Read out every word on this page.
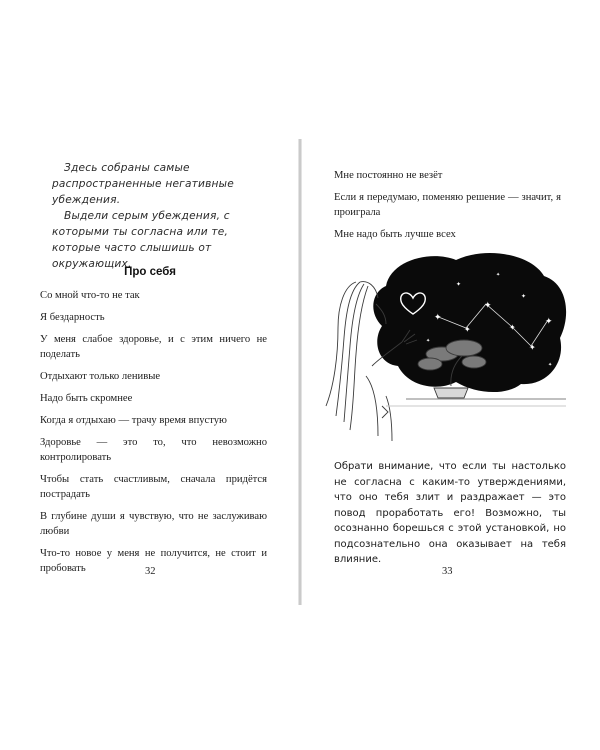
Здесь собраны самые распространенные негативные убеждения.

Выдели серым убеждения, с которыми ты согласна или те, которые часто слышишь от окружающих.

Про себя
Со мной что-то не так
Я бездарность
У меня слабое здоровье, и с этим ничего не поделать
Отдыхают только ленивые
Надо быть скромнее
Когда я отдыхаю — трачу время впустую
Здоровье — это то, что невозможно контролировать
Чтобы стать счастливым, сначала придётся пострадать
В глубине души я чувствую, что не заслуживаю любви
Что-то новое у меня не получится, не стоит и пробовать	32
Мне постоянно не везёт
Если я передумаю, поменяю решение — значит, я проиграла
Мне надо быть лучше всех
✦
✦
✦
✦
✦
✦
✦
✦
✦
✦
✦
Обрати внимание, что если ты настолько не согласна с каким-то утверждениями, что оно тебя злит и раздражает — это повод проработать его! Возможно, ты осознанно борешься с этой установкой, но подсознательно она оказывает на тебя влияние.
33
